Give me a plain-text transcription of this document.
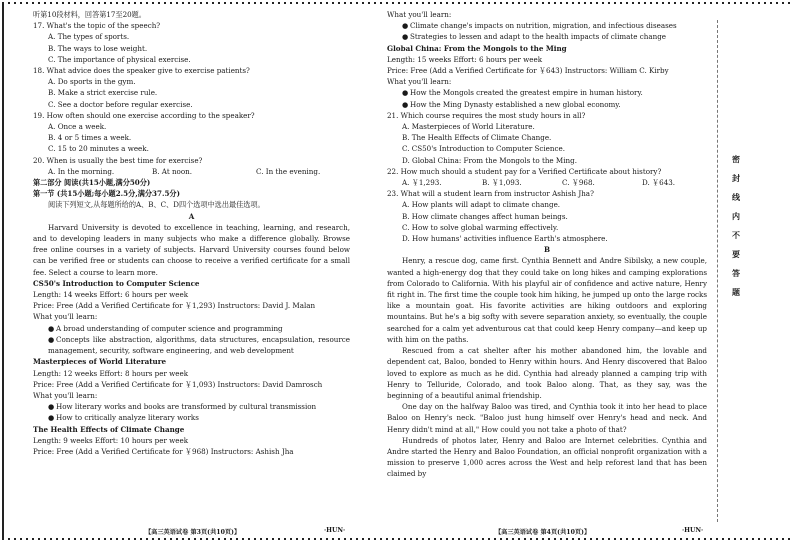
听第10段材料，回答第17至20题。

17. What's the topic of the speech?

A. The types of sports.

B. The ways to lose weight.

C. The importance of physical exercise.

18. What advice does the speaker give to exercise patients?

A. Do sports in the gym.

B. Make a strict exercise rule.

C. See a doctor before regular exercise.

19. How often should one exercise according to the speaker?

A. Once a week.

B. 4 or 5 times a week.

C. 15 to 20 minutes a week.

20. When is usually the best time for exercise?

A. In the morning.	B. At noon.	C. In the evening.

第二部分 阅读(共15小题,满分50分)

第一节 (共15小题;每小题2.5分,满分37.5分)

阅读下列短文,从每题所给的A、B、C、D四个选项中选出最佳选项。

A

Harvard University is devoted to excellence in teaching, learning, and research, and to developing leaders in many subjects who make a difference globally. Browse free online courses in a variety of subjects. Harvard University courses found below can be verified free or students can choose to receive a verified certificate for a small fee. Select a course to learn more.

CS50's Introduction to Computer Science

Length: 14 weeks Effort: 6 hours per week

Price: Free (Add a Verified Certificate for ￥1,293) Instructors: David J. Malan

What you'll learn:

● A broad understanding of computer science and programming

● Concepts like abstraction, algorithms, data structures, encapsulation, resource management, security, software engineering, and web development

Masterpieces of World Literature

Length: 12 weeks Effort: 8 hours per week

Price: Free (Add a Verified Certificate for ￥1,093) Instructors: David Damrosch

What you'll learn:

● How literary works and books are transformed by cultural transmission

● How to critically analyze literary works

The Health Effects of Climate Change

Length: 9 weeks Effort: 10 hours per week

Price: Free (Add a Verified Certificate for ￥968) Instructors: Ashish Jha

【高三英语试卷 第3页(共10页)】	·HUN·

What you'll learn:

● Climate change's impacts on nutrition, migration, and infectious diseases

● Strategies to lessen and adapt to the health impacts of climate change

Global China: From the Mongols to the Ming

Length: 15 weeks Effort: 6 hours per week

Price: Free (Add a Verified Certificate for ￥643) Instructors: William C. Kirby

What you'll learn:

● How the Mongols created the greatest empire in human history.

● How the Ming Dynasty established a new global economy.

21. Which course requires the most study hours in all?

A. Masterpieces of World Literature.

B. The Health Effects of Climate Change.

C. CS50's Introduction to Computer Science.

D. Global China: From the Mongols to the Ming.

22. How much should a student pay for a Verified Certificate about history?

A. ￥1,293.	B. ￥1,093.	C. ￥968.	D. ￥643.

23. What will a student learn from instructor Ashish Jha?

A. How plants will adapt to climate change.

B. How climate changes affect human beings.

C. How to solve global warming effectively.

D. How humans' activities influence Earth's atmosphere.

B

Henry, a rescue dog, came first. Cynthia Bennett and Andre Sibilsky, a new couple, wanted a high-energy dog that they could take on long hikes and camping explorations from Colorado to California. With his playful air of confidence and active nature, Henry fit right in. The first time the couple took him hiking, he jumped up onto the large rocks like a mountain goat. His favorite activities are hiking outdoors and exploring mountains. But he's a big softy with severe separation anxiety, so eventually, the couple searched for a calm yet adventurous cat that could keep Henry company—and keep up with him on the paths.

Rescued from a cat shelter after his mother abandoned him, the lovable and dependent cat, Baloo, bonded to Henry within hours. And Henry discovered that Baloo loved to explore as much as he did. Cynthia had already planned a camping trip with Henry to Telluride, Colorado, and took Baloo along. That, as they say, was the beginning of a beautiful animal friendship.

One day on the halfway Baloo was tired, and Cynthia took it into her head to place Baloo on Henry's neck. "Baloo just hung himself over Henry's head and neck. And Henry didn't mind at all," How could you not take a photo of that?

Hundreds of photos later, Henry and Baloo are Internet celebrities. Cynthia and Andre started the Henry and Baloo Foundation, an official nonprofit organization with a mission to preserve 1,000 acres across the West and help reforest land that has been claimed by

【高三英语试卷 第4页(共10页)】	·HUN·
密
封
线
内
不
要
答
题
